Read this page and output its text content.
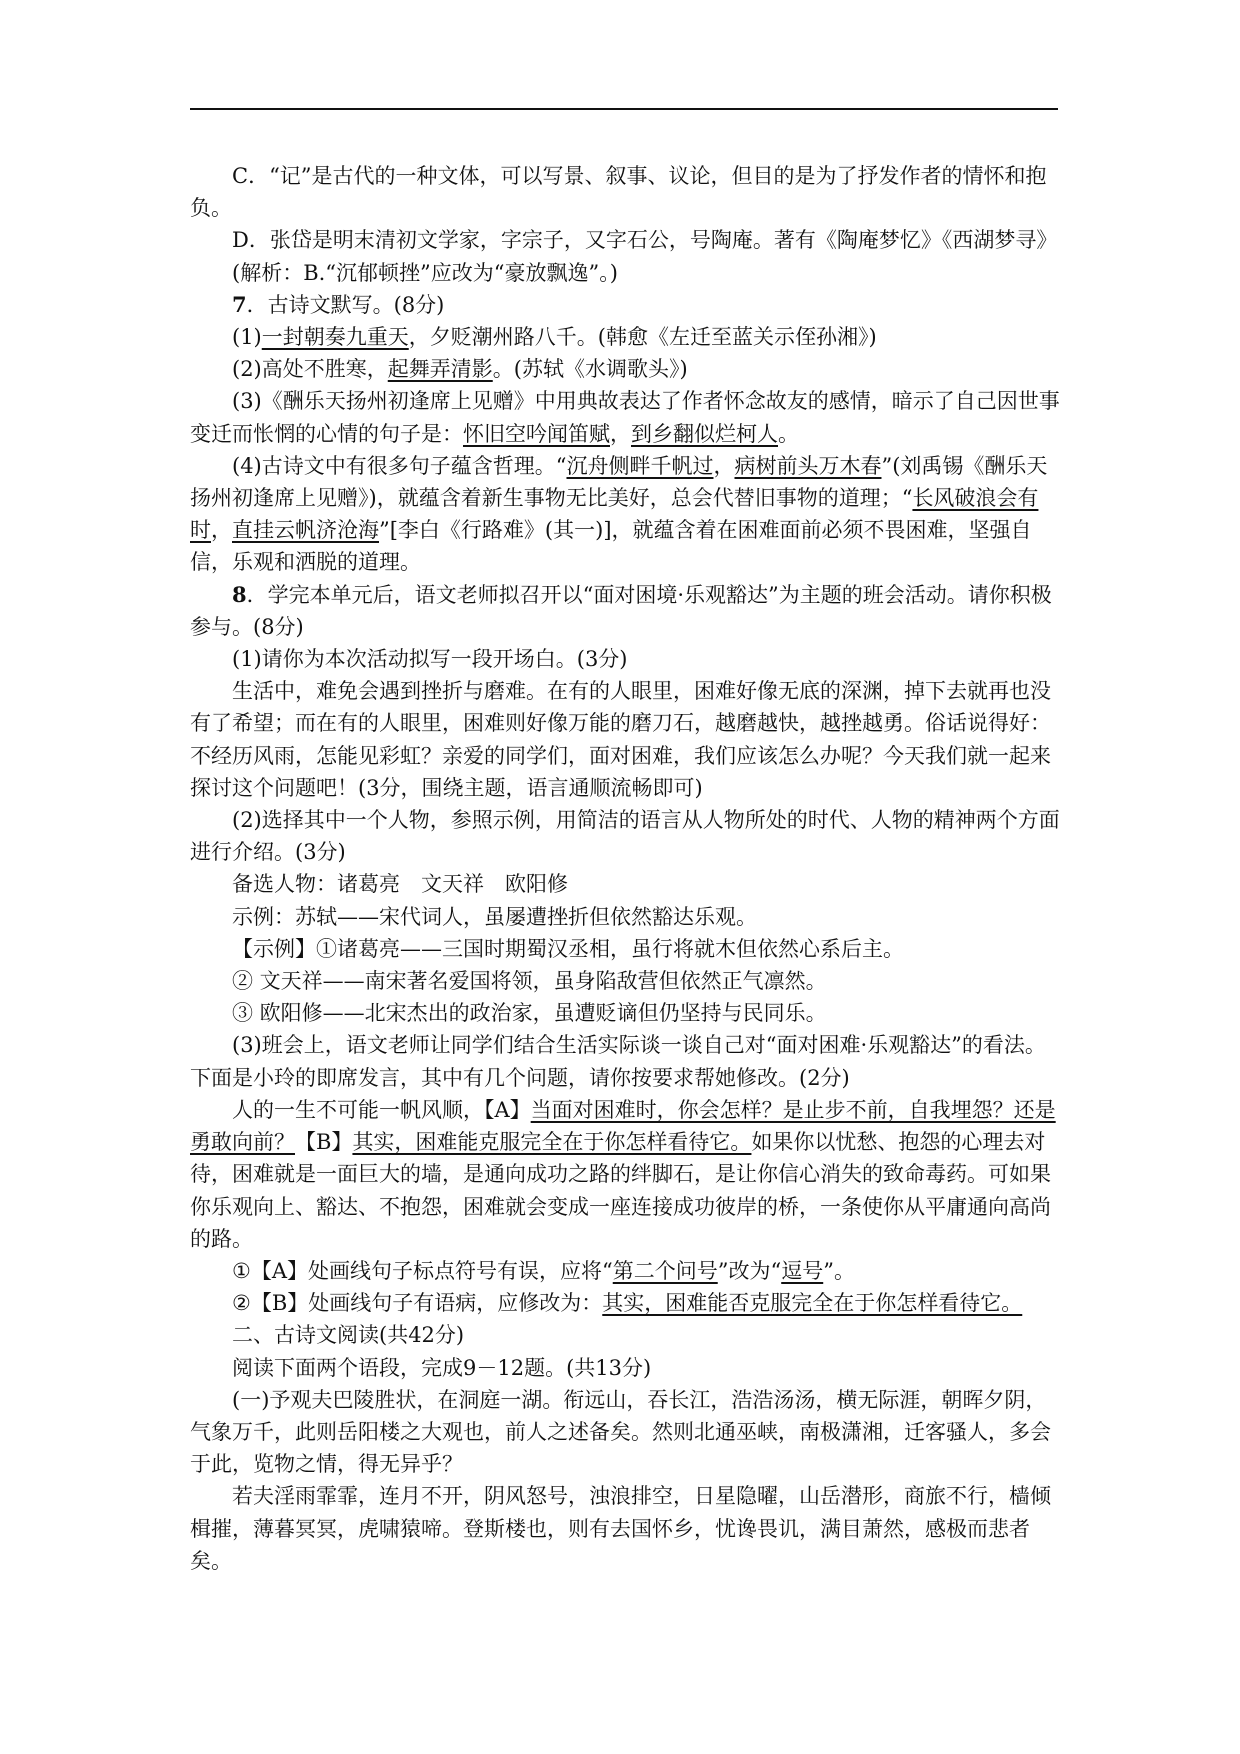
C．“记”是古代的一种文体，可以写景、叙事、议论，但目的是为了抒发作者的情怀和抱负。

D．张岱是明末清初文学家，字宗子，又字石公，号陶庵。著有《陶庵梦忆》《西湖梦寻》

(解析：B.“沉郁顿挫”应改为“豪放飘逸”。)

7．古诗文默写。(8分)

(1)一封朝奏九重天，夕贬潮州路八千。(韩愈《左迁至蓝关示侄孙湘》)

(2)高处不胜寒，起舞弄清影。(苏轼《水调歌头》)

(3)《酬乐天扬州初逢席上见赠》中用典故表达了作者怀念故友的感情，暗示了自己因世事变迁而怅惘的心情的句子是：怀旧空吟闻笛赋，到乡翻似烂柯人。

(4)古诗文中有很多句子蕴含哲理。“沉舟侧畔千帆过，病树前头万木春”(刘禹锡《酬乐天扬州初逢席上见赠》)，就蕴含着新生事物无比美好，总会代替旧事物的道理；“长风破浪会有时，直挂云帆济沧海”[李白《行路难》(其一)]，就蕴含着在困难面前必须不畏困难，坚强自信，乐观和洒脱的道理。

8．学完本单元后，语文老师拟召开以“面对困境·乐观豁达”为主题的班会活动。请你积极参与。(8分)

(1)请你为本次活动拟写一段开场白。(3分)

生活中，难免会遇到挫折与磨难。在有的人眼里，困难好像无底的深渊，掉下去就再也没有了希望；而在有的人眼里，困难则好像万能的磨刀石，越磨越快，越挫越勇。俗话说得好：不经历风雨，怎能见彩虹？亲爱的同学们，面对困难，我们应该怎么办呢？今天我们就一起来探讨这个问题吧！(3分，围绕主题，语言通顺流畅即可)

(2)选择其中一个人物，参照示例，用简洁的语言从人物所处的时代、人物的精神两个方面进行介绍。(3分)

备选人物：诸葛亮　文天祥　欧阳修

示例：苏轼——宋代词人，虽屡遭挫折但依然豁达乐观。

【示例】①诸葛亮——三国时期蜀汉丞相，虽行将就木但依然心系后主。

② 文天祥——南宋著名爱国将领，虽身陷敌营但依然正气凛然。

③ 欧阳修——北宋杰出的政治家，虽遭贬谪但仍坚持与民同乐。

(3)班会上，语文老师让同学们结合生活实际谈一谈自己对“面对困难·乐观豁达”的看法。下面是小玲的即席发言，其中有几个问题，请你按要求帮她修改。(2分)

人的一生不可能一帆风顺，【A】当面对困难时，你会怎样？是止步不前，自我埋怨？还是勇敢向前？【B】其实，困难能克服完全在于你怎样看待它。如果你以忧愁、抱怨的心理去对待，困难就是一面巨大的墙，是通向成功之路的绊脚石，是让你信心消失的致命毒药。可如果你乐观向上、豁达、不抱怨，困难就会变成一座连接成功彼岸的桥，一条使你从平庸通向高尚的路。

①【A】处画线句子标点符号有误，应将“第二个问号”改为“逗号”。

②【B】处画线句子有语病，应修改为：其实，困难能否克服完全在于你怎样看待它。

二、古诗文阅读(共42分)

阅读下面两个语段，完成9－12题。(共13分)

(一)予观夫巴陵胜状，在洞庭一湖。衔远山，吞长江，浩浩汤汤，横无际涯，朝晖夕阴，气象万千，此则岳阳楼之大观也，前人之述备矣。然则北通巫峡，南极潇湘，迁客骚人，多会于此，览物之情，得无异乎？

若夫淫雨霏霏，连月不开，阴风怒号，浊浪排空，日星隐曜，山岳潜形，商旅不行，樯倾楫摧，薄暮冥冥，虎啸猿啼。登斯楼也，则有去国怀乡，忧谗畏讥，满目萧然，感极而悲者矣。
